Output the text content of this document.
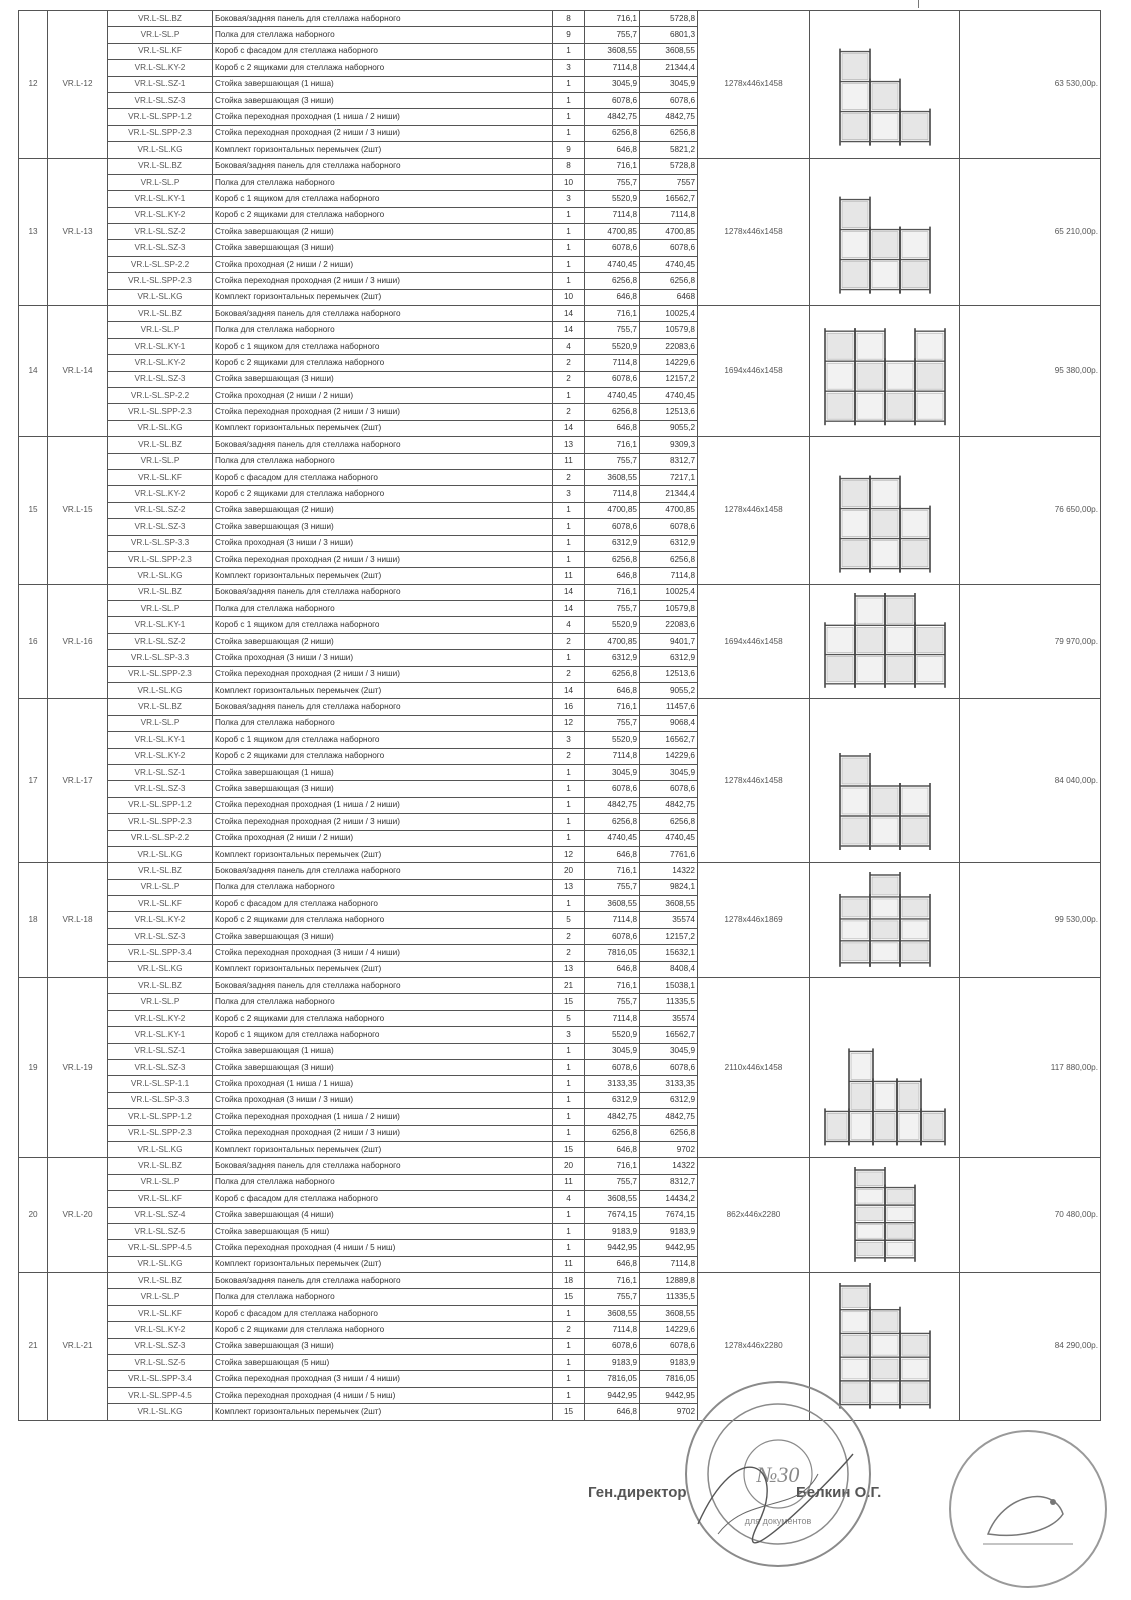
12	VR.L-12	VR.L-SL.BZ	Боковая/задняя панель для стеллажа наборного	8	716,1	5728,8	1278x446x1458		63 530,00р.
		VR.L-SL.P	Полка для стеллажа наборного	9	755,7	6801,3			
		VR.L-SL.KF	Короб с фасадом для стеллажа наборного	1	3608,55	3608,55			
		VR.L-SL.KY-2	Короб с 2 ящиками для стеллажа наборного	3	7114,8	21344,4			
		VR.L-SL.SZ-1	Стойка завершающая (1 ниша)	1	3045,9	3045,9			
		VR.L-SL.SZ-3	Стойка завершающая (3 ниши)	1	6078,6	6078,6			
		VR.L-SL.SPP-1.2	Стойка переходная проходная (1 ниша / 2 ниши)	1	4842,75	4842,75			
		VR.L-SL.SPP-2.3	Стойка переходная проходная (2 ниши / 3 ниши)	1	6256,8	6256,8			
		VR.L-SL.KG	Комплект горизонтальных перемычек (2шт)	9	646,8	5821,2			
13	VR.L-13	VR.L-SL.BZ	Боковая/задняя панель для стеллажа наборного	8	716,1	5728,8	1278x446x1458		65 210,00р.
		VR.L-SL.P	Полка для стеллажа наборного	10	755,7	7557			
		VR.L-SL.KY-1	Короб с 1 ящиком для стеллажа наборного	3	5520,9	16562,7			
		VR.L-SL.KY-2	Короб с 2 ящиками для стеллажа наборного	1	7114,8	7114,8			
		VR.L-SL.SZ-2	Стойка завершающая (2 ниши)	1	4700,85	4700,85			
		VR.L-SL.SZ-3	Стойка завершающая (3 ниши)	1	6078,6	6078,6			
		VR.L-SL.SP-2.2	Стойка проходная (2 ниши / 2 ниши)	1	4740,45	4740,45			
		VR.L-SL.SPP-2.3	Стойка переходная проходная (2 ниши / 3 ниши)	1	6256,8	6256,8			
		VR.L-SL.KG	Комплект горизонтальных перемычек (2шт)	10	646,8	6468			
14	VR.L-14	VR.L-SL.BZ	Боковая/задняя панель для стеллажа наборного	14	716,1	10025,4	1694x446x1458		95 380,00р.
		VR.L-SL.P	Полка для стеллажа наборного	14	755,7	10579,8			
		VR.L-SL.KY-1	Короб с 1 ящиком для стеллажа наборного	4	5520,9	22083,6			
		VR.L-SL.KY-2	Короб с 2 ящиками для стеллажа наборного	2	7114,8	14229,6			
		VR.L-SL.SZ-3	Стойка завершающая (3 ниши)	2	6078,6	12157,2			
		VR.L-SL.SP-2.2	Стойка проходная (2 ниши / 2 ниши)	1	4740,45	4740,45			
		VR.L-SL.SPP-2.3	Стойка переходная проходная (2 ниши / 3 ниши)	2	6256,8	12513,6			
		VR.L-SL.KG	Комплект горизонтальных перемычек (2шт)	14	646,8	9055,2			
15	VR.L-15	VR.L-SL.BZ	Боковая/задняя панель для стеллажа наборного	13	716,1	9309,3	1278x446x1458		76 650,00р.
		VR.L-SL.P	Полка для стеллажа наборного	11	755,7	8312,7			
		VR.L-SL.KF	Короб с фасадом для стеллажа наборного	2	3608,55	7217,1			
		VR.L-SL.KY-2	Короб с 2 ящиками для стеллажа наборного	3	7114,8	21344,4			
		VR.L-SL.SZ-2	Стойка завершающая (2 ниши)	1	4700,85	4700,85			
		VR.L-SL.SZ-3	Стойка завершающая (3 ниши)	1	6078,6	6078,6			
		VR.L-SL.SP-3.3	Стойка проходная (3 ниши / 3 ниши)	1	6312,9	6312,9			
		VR.L-SL.SPP-2.3	Стойка переходная проходная (2 ниши / 3 ниши)	1	6256,8	6256,8			
		VR.L-SL.KG	Комплект горизонтальных перемычек (2шт)	11	646,8	7114,8			
16	VR.L-16	VR.L-SL.BZ	Боковая/задняя панель для стеллажа наборного	14	716,1	10025,4	1694x446x1458		79 970,00р.
		VR.L-SL.P	Полка для стеллажа наборного	14	755,7	10579,8			
		VR.L-SL.KY-1	Короб с 1 ящиком для стеллажа наборного	4	5520,9	22083,6			
		VR.L-SL.SZ-2	Стойка завершающая (2 ниши)	2	4700,85	9401,7			
		VR.L-SL.SP-3.3	Стойка проходная (3 ниши / 3 ниши)	1	6312,9	6312,9			
		VR.L-SL.SPP-2.3	Стойка переходная проходная (2 ниши / 3 ниши)	2	6256,8	12513,6			
		VR.L-SL.KG	Комплект горизонтальных перемычек (2шт)	14	646,8	9055,2			
17	VR.L-17	VR.L-SL.BZ	Боковая/задняя панель для стеллажа наборного	16	716,1	11457,6	1278x446x1458		84 040,00р.
		VR.L-SL.P	Полка для стеллажа наборного	12	755,7	9068,4			
		VR.L-SL.KY-1	Короб с 1 ящиком для стеллажа наборного	3	5520,9	16562,7			
		VR.L-SL.KY-2	Короб с 2 ящиками для стеллажа наборного	2	7114,8	14229,6			
		VR.L-SL.SZ-1	Стойка завершающая (1 ниша)	1	3045,9	3045,9			
		VR.L-SL.SZ-3	Стойка завершающая (3 ниши)	1	6078,6	6078,6			
		VR.L-SL.SPP-1.2	Стойка переходная проходная (1 ниша / 2 ниши)	1	4842,75	4842,75			
		VR.L-SL.SPP-2.3	Стойка переходная проходная (2 ниши / 3 ниши)	1	6256,8	6256,8			
		VR.L-SL.SP-2.2	Стойка проходная (2 ниши / 2 ниши)	1	4740,45	4740,45			
		VR.L-SL.KG	Комплект горизонтальных перемычек (2шт)	12	646,8	7761,6			
18	VR.L-18	VR.L-SL.BZ	Боковая/задняя панель для стеллажа наборного	20	716,1	14322	1278x446x1869		99 530,00р.
		VR.L-SL.P	Полка для стеллажа наборного	13	755,7	9824,1			
		VR.L-SL.KF	Короб с фасадом для стеллажа наборного	1	3608,55	3608,55			
		VR.L-SL.KY-2	Короб с 2 ящиками для стеллажа наборного	5	7114,8	35574			
		VR.L-SL.SZ-3	Стойка завершающая (3 ниши)	2	6078,6	12157,2			
		VR.L-SL.SPP-3.4	Стойка переходная проходная (3 ниши / 4 ниши)	2	7816,05	15632,1			
		VR.L-SL.KG	Комплект горизонтальных перемычек (2шт)	13	646,8	8408,4			
19	VR.L-19	VR.L-SL.BZ	Боковая/задняя панель для стеллажа наборного	21	716,1	15038,1	2110x446x1458		117 880,00р.
		VR.L-SL.P	Полка для стеллажа наборного	15	755,7	11335,5			
		VR.L-SL.KY-2	Короб с 2 ящиками для стеллажа наборного	5	7114,8	35574			
		VR.L-SL.KY-1	Короб с 1 ящиком для стеллажа наборного	3	5520,9	16562,7			
		VR.L-SL.SZ-1	Стойка завершающая (1 ниша)	1	3045,9	3045,9			
		VR.L-SL.SZ-3	Стойка завершающая (3 ниши)	1	6078,6	6078,6			
		VR.L-SL.SP-1.1	Стойка проходная (1 ниша / 1 ниша)	1	3133,35	3133,35			
		VR.L-SL.SP-3.3	Стойка проходная (3 ниши / 3 ниши)	1	6312,9	6312,9			
		VR.L-SL.SPP-1.2	Стойка переходная проходная (1 ниша / 2 ниши)	1	4842,75	4842,75			
		VR.L-SL.SPP-2.3	Стойка переходная проходная (2 ниши / 3 ниши)	1	6256,8	6256,8			
		VR.L-SL.KG	Комплект горизонтальных перемычек (2шт)	15	646,8	9702			
20	VR.L-20	VR.L-SL.BZ	Боковая/задняя панель для стеллажа наборного	20	716,1	14322	862x446x2280		70 480,00р.
		VR.L-SL.P	Полка для стеллажа наборного	11	755,7	8312,7			
		VR.L-SL.KF	Короб с фасадом для стеллажа наборного	4	3608,55	14434,2			
		VR.L-SL.SZ-4	Стойка завершающая (4 ниши)	1	7674,15	7674,15			
		VR.L-SL.SZ-5	Стойка завершающая (5 ниш)	1	9183,9	9183,9			
		VR.L-SL.SPP-4.5	Стойка переходная проходная (4 ниши / 5 ниш)	1	9442,95	9442,95			
		VR.L-SL.KG	Комплект горизонтальных перемычек (2шт)	11	646,8	7114,8			
21	VR.L-21	VR.L-SL.BZ	Боковая/задняя панель для стеллажа наборного	18	716,1	12889,8	1278x446x2280		84 290,00р.
		VR.L-SL.P	Полка для стеллажа наборного	15	755,7	11335,5			
		VR.L-SL.KF	Короб с фасадом для стеллажа наборного	1	3608,55	3608,55			
		VR.L-SL.KY-2	Короб с 2 ящиками для стеллажа наборного	2	7114,8	14229,6			
		VR.L-SL.SZ-3	Стойка завершающая (3 ниши)	1	6078,6	6078,6			
		VR.L-SL.SZ-5	Стойка завершающая (5 ниш)	1	9183,9	9183,9			
		VR.L-SL.SPP-3.4	Стойка переходная проходная (3 ниши / 4 ниши)	1	7816,05	7816,05			
		VR.L-SL.SPP-4.5	Стойка переходная проходная (4 ниши / 5 ниш)	1	9442,95	9442,95			
		VR.L-SL.KG	Комплект горизонтальных перемычек (2шт)	15	646,8	9702			
Ген.директор	Белкин О.Г.
№30
для документов
